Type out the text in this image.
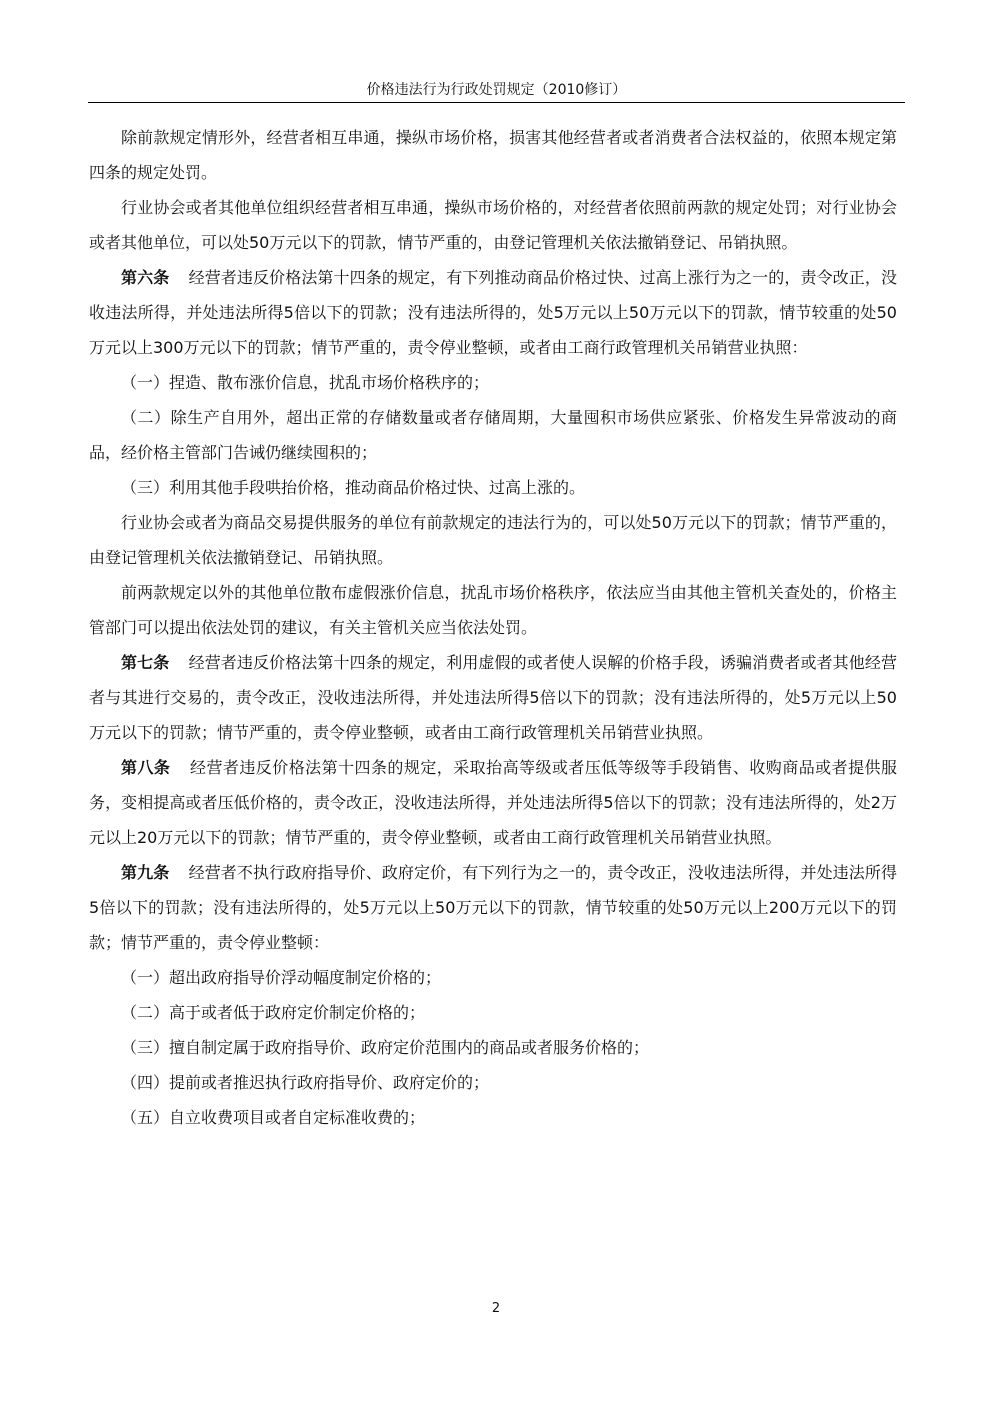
价格违法行为行政处罚规定（2010修订）

除前款规定情形外，经营者相互串通，操纵市场价格，损害其他经营者或者消费者合法权益的，依照本规定第四条的规定处罚。

行业协会或者其他单位组织经营者相互串通，操纵市场价格的，对经营者依照前两款的规定处罚；对行业协会或者其他单位，可以处50万元以下的罚款，情节严重的，由登记管理机关依法撤销登记、吊销执照。

第六条 经营者违反价格法第十四条的规定，有下列推动商品价格过快、过高上涨行为之一的，责令改正，没收违法所得，并处违法所得5倍以下的罚款；没有违法所得的，处5万元以上50万元以下的罚款，情节较重的处50万元以上300万元以下的罚款；情节严重的，责令停业整顿，或者由工商行政管理机关吊销营业执照：

（一）捏造、散布涨价信息，扰乱市场价格秩序的；

（二）除生产自用外，超出正常的存储数量或者存储周期，大量囤积市场供应紧张、价格发生异常波动的商品，经价格主管部门告诫仍继续囤积的；

（三）利用其他手段哄抬价格，推动商品价格过快、过高上涨的。

行业协会或者为商品交易提供服务的单位有前款规定的违法行为的，可以处50万元以下的罚款；情节严重的，由登记管理机关依法撤销登记、吊销执照。

前两款规定以外的其他单位散布虚假涨价信息，扰乱市场价格秩序，依法应当由其他主管机关查处的，价格主管部门可以提出依法处罚的建议，有关主管机关应当依法处罚。

第七条 经营者违反价格法第十四条的规定，利用虚假的或者使人误解的价格手段，诱骗消费者或者其他经营者与其进行交易的，责令改正，没收违法所得，并处违法所得5倍以下的罚款；没有违法所得的，处5万元以上50万元以下的罚款；情节严重的，责令停业整顿，或者由工商行政管理机关吊销营业执照。

第八条 经营者违反价格法第十四条的规定，采取抬高等级或者压低等级等手段销售、收购商品或者提供服务，变相提高或者压低价格的，责令改正，没收违法所得，并处违法所得5倍以下的罚款；没有违法所得的，处2万元以上20万元以下的罚款；情节严重的，责令停业整顿，或者由工商行政管理机关吊销营业执照。

第九条 经营者不执行政府指导价、政府定价，有下列行为之一的，责令改正，没收违法所得，并处违法所得5倍以下的罚款；没有违法所得的，处5万元以上50万元以下的罚款，情节较重的处50万元以上200万元以下的罚款；情节严重的，责令停业整顿：

（一）超出政府指导价浮动幅度制定价格的；

（二）高于或者低于政府定价制定价格的；

（三）擅自制定属于政府指导价、政府定价范围内的商品或者服务价格的；

（四）提前或者推迟执行政府指导价、政府定价的；

（五）自立收费项目或者自定标准收费的；

2
